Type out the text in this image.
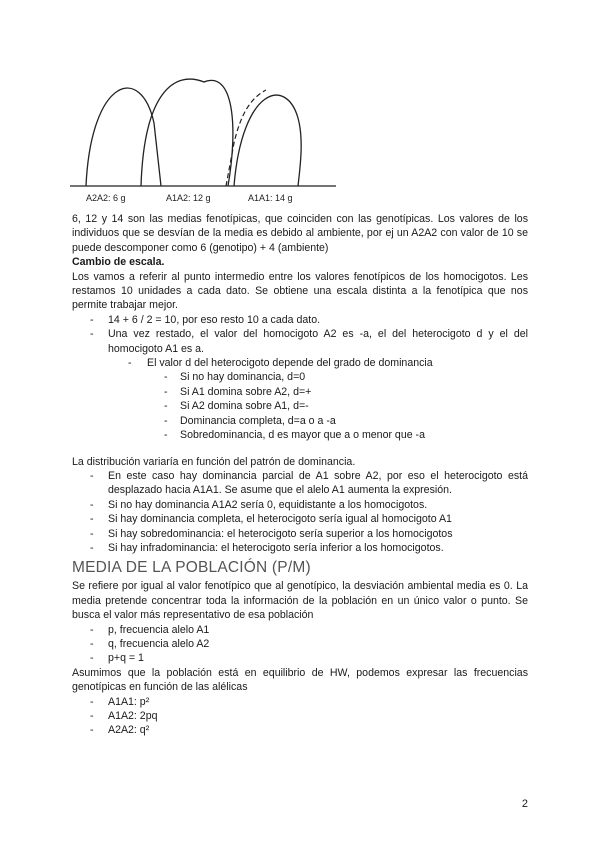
A2A2: 6 g	A1A2: 12 g	A1A1: 14 g

6, 12 y 14 son las medias fenotípicas, que coinciden con las genotípicas. Los valores de los individuos que se desvían de la media es debido al ambiente, por ej un A2A2 con valor de 10 se puede descomponer como 6 (genotipo) + 4 (ambiente)

Cambio de escala.

Los vamos a referir al punto intermedio entre los valores fenotípicos de los homocigotos. Les restamos 10 unidades a cada dato. Se obtiene una escala distinta a la fenotípica que nos permite trabajar mejor.

- 14 + 6 / 2 = 10, por eso resto 10 a cada dato.
- Una vez restado, el valor del homocigoto A2 es -a, el del heterocigoto d y el del homocigoto A1 es a.
- El valor d del heterocigoto depende del grado de dominancia
- Si no hay dominancia, d=0
- Si A1 domina sobre A2, d=+
- Si A2 domina sobre A1, d=-
- Dominancia completa, d=a o a -a
- Sobredominancia, d es mayor que a o menor que -a

La distribución variaría en función del patrón de dominancia.

- En este caso hay dominancia parcial de A1 sobre A2, por eso el heterocigoto está desplazado hacia A1A1. Se asume que el alelo A1 aumenta la expresión.
- Si no hay dominancia A1A2 sería 0, equidistante a los homocigotos.
- Si hay dominancia completa, el heterocigoto sería igual al homocigoto A1
- Si hay sobredominancia: el heterocigoto sería superior a los homocigotos
- Si hay infradominancia: el heterocigoto sería inferior a los homocigotos.
MEDIA DE LA POBLACIÓN (P/M)

Se refiere por igual al valor fenotípico que al genotípico, la desviación ambiental media es 0. La media pretende concentrar toda la información de la población en un único valor o punto. Se busca el valor más representativo de esa población

- p, frecuencia alelo A1
- q, frecuencia alelo A2
- p+q = 1

Asumimos que la población está en equilibrio de HW, podemos expresar las frecuencias genotípicas en función de las alélicas

- A1A1: p²
- A1A2: 2pq
- A2A2: q²
2
